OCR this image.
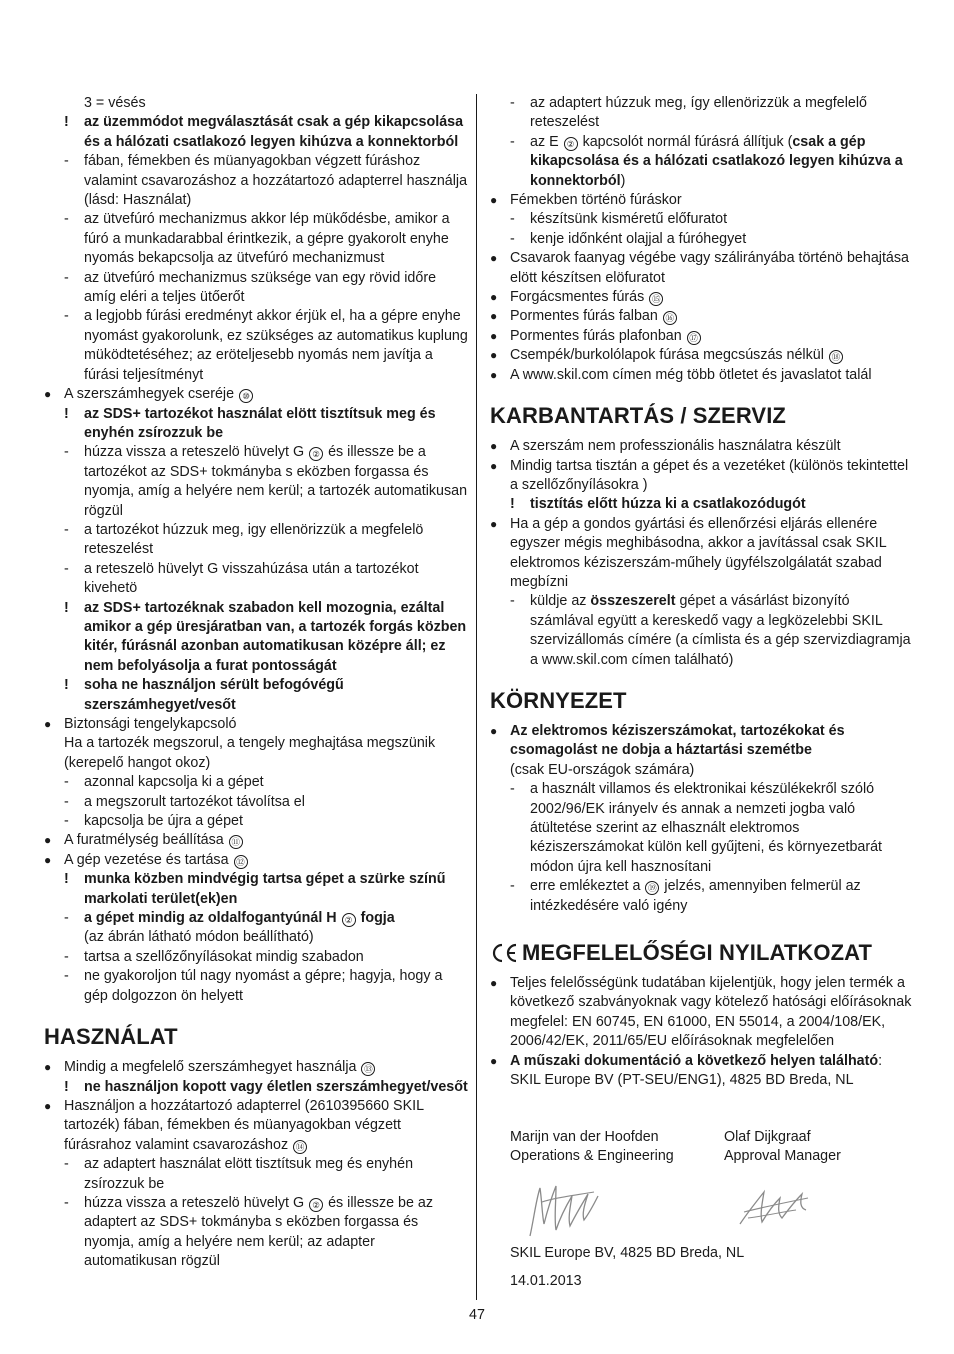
3 = vésés
!	az üzemmódot megválasztását csak a gép kikapcsolása és a hálózati csatlakozó legyen kihúzva a konnektorból
-	fában, fémekben és müanyagokban végzett fúráshoz valamint csavarozáshoz a hozzátartozó adapterrel használja (lásd: Használat)
-	az ütvefúró mechanizmus akkor lép mükődésbe, amikor a fúró a munkadarabbal érintkezik, a gépre gyakorolt enyhe nyomás bekapcsolja az ütvefúró mechanizmust
-	az ütvefúró mechanizmus szüksége van egy rövid időre amíg eléri a teljes ütőerőt
-	a legjobb fúrási eredményt akkor érjük el, ha a gépre enyhe nyomást gyakorolunk, ez szükséges az automatikus kuplung müködtetéséhez; az eröteljesebb nyomás nem javítja a fúrási teljesítményt
● A szerszámhegyek cseréje ⑩
!	az SDS+ tartozékot használat elött tisztítsuk meg és enyhén zsírozzuk be
-	húzza vissza a reteszelö hüvelyt G ② és illessze be a tartozékot az SDS+ tokmányba s eközben forgassa és nyomja, amíg a helyére nem kerül; a tartozék automatikusan rögzül
-	a tartozékot húzzuk meg, igy ellenörizzük a megfelelö reteszelést
-	a reteszelö hüvelyt G visszahúzása után a tartozékot kivehetö
!	az SDS+ tartozéknak szabadon kell mozognia, ezáltal amikor a gép üresjáratban van, a tartozék forgás közben kitér, fúrásnál azonban automatikusan középre áll; ez nem befolyásolja a furat pontosságát
!	soha ne használjon sérült befogóvégű szerszámhegyet/vesőt
● Biztonsági tengelykapcsoló
Ha a tartozék megszorul, a tengely meghajtása megszünik (kerepelő hangot okoz)
-	azonnal kapcsolja ki a gépet
-	a megszorult tartozékot távolítsa el
-	kapcsolja be újra a gépet
● A furatmélység beállítása ⑪
● A gép vezetése és tartása ⑫
!	munka közben mindvégig tartsa gépet a szürke színű markolati terület(ek)en
-	a gépet mindig az oldalfogantyúnál H ② fogja
(az ábrán látható módon beállítható)
-	tartsa a szellőzőnyílásokat mindig szabadon
-	ne gyakoroljon túl nagy nyomást a gépre; hagyja, hogy a gép dolgozzon ön helyett
HASZNÁLAT
● Mindig a megfelelő szerszámhegyet használja ⑬
!	ne használjon kopott vagy életlen szerszámhegyet/vesőt
● Használjon a hozzátartozó adapterrel (2610395660 SKIL tartozék) fában, fémekben és müanyagokban végzett fúrásrahoz valamint csavarozáshoz ⑭
-	az adaptert használat elött tisztítsuk meg és enyhén zsírozzuk be
-	húzza vissza a reteszelö hüvelyt G ② és illessze be az adaptert az SDS+ tokmányba s eközben forgassa és nyomja, amíg a helyére nem kerül; az adapter automatikusan rögzül
-	az adaptert húzzuk meg, így ellenörizzük a megfelelő reteszelést
-	az E ② kapcsolót normál fúrásrá állítjuk (csak a gép kikapcsolása és a hálózati csatlakozó legyen kihúzva a konnektorból)
● Fémekben történö fúráskor
-	készítsünk kisméretű előfuratot
-	kenje időnként olajjal a fúróhegyet
● Csavarok faanyag végébe vagy szálirányába történö behajtása elött készítsen elöfuratot
● Forgácsmentes fúrás ⑮
● Pormentes fúrás falban ⑯
● Pormentes fúrás plafonban ⑰
● Csempék/burkolólapok fúrása megcsúszás nélkül ⑱
● A www.skil.com címen még több ötletet és javaslatot talál
KARBANTARTÁS / SZERVIZ
● A szerszám nem professzionális használatra készült
● Mindig tartsa tisztán a gépet és a vezetéket (különös tekintettel a szellőzőnyílásokra )
!	tisztítás előtt húzza ki a csatlakozódugót
● Ha a gép a gondos gyártási és ellenőrzési eljárás ellenére egyszer mégis meghibásodna, akkor a javítással csak SKIL elektromos kéziszerszám-műhely ügyfélszolgálatát szabad megbízni
-	küldje az összeszerelt gépet a vásárlást bizonyító számlával együtt a kereskedő vagy a legközelebbi SKIL szervizállomás címére (a címlista és a gép szervizdiagramja a www.skil.com címen található)
KÖRNYEZET
● Az elektromos kéziszerszámokat, tartozékokat és csomagolást ne dobja a háztartási szemétbe
(csak EU-országok számára)
-	a használt villamos és elektronikai készülékekről szóló 2002/96/EK irányelv és annak a nemzeti jogba való átültetése szerint az elhasznált elektromos kéziszerszámokat külön kell gyűjteni, és környezetbarát módon újra kell hasznosítani
-	erre emlékeztet a ⑲ jelzés, amennyiben felmerül az intézkedésére való igény
MEGFELELŐSÉGI NYILATKOZAT
● Teljes felelősségünk tudatában kijelentjük, hogy jelen termék a következő szabványoknak vagy kötelező hatósági előírásoknak megfelel: EN 60745, EN 61000, EN 55014, a 2004/108/EK, 2006/42/EK, 2011/65/EU előírásoknak megfelelően
● A műszaki dokumentáció a következő helyen található: SKIL Europe BV (PT-SEU/ENG1), 4825 BD Breda, NL
Marijn van der Hoofden
Operations & Engineering
Olaf Dijkgraaf
Approval Manager
SKIL Europe BV, 4825 BD Breda, NL
14.01.2013
47
